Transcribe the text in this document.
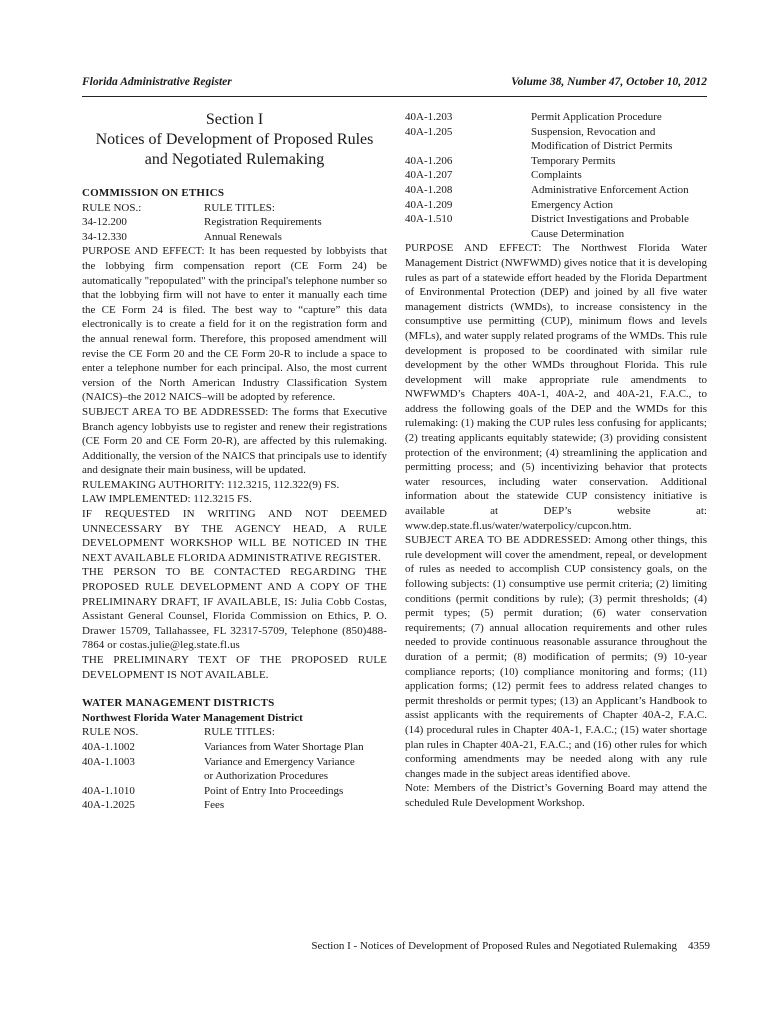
Florida Administrative Register	Volume 38, Number 47, October 10, 2012
Section I
Notices of Development of Proposed Rules
and Negotiated Rulemaking
COMMISSION ON ETHICS
RULE NOS.:	RULE TITLES:
34-12.200	Registration Requirements
34-12.330	Annual Renewals

PURPOSE AND EFFECT: It has been requested by lobbyists that the lobbying firm compensation report (CE Form 24) be automatically "repopulated" with the principal's telephone number so that the lobbying firm will not have to enter it manually each time the CE Form 24 is filed. The best way to “capture” this data electronically is to create a field for it on the registration form and the annual renewal form. Therefore, this proposed amendment will revise the CE Form 20 and the CE Form 20-R to include a space to enter a telephone number for each principal. Also, the most current version of the North American Industry Classification System (NAICS)–the 2012 NAICS–will be adopted by reference.

SUBJECT AREA TO BE ADDRESSED: The forms that Executive Branch agency lobbyists use to register and renew their registrations (CE Form 20 and CE Form 20-R), are affected by this rulemaking. Additionally, the version of the NAICS that principals use to identify and designate their main business, will be updated.

RULEMAKING AUTHORITY: 112.3215, 112.322(9) FS.

LAW IMPLEMENTED: 112.3215 FS.

IF REQUESTED IN WRITING AND NOT DEEMED UNNECESSARY BY THE AGENCY HEAD, A RULE DEVELOPMENT WORKSHOP WILL BE NOTICED IN THE NEXT AVAILABLE FLORIDA ADMINISTRATIVE REGISTER.

THE PERSON TO BE CONTACTED REGARDING THE PROPOSED RULE DEVELOPMENT AND A COPY OF THE PRELIMINARY DRAFT, IF AVAILABLE, IS: Julia Cobb Costas, Assistant General Counsel, Florida Commission on Ethics, P. O. Drawer 15709, Tallahassee, FL 32317-5709, Telephone (850)488-7864 or costas.julie@leg.state.fl.us

THE PRELIMINARY TEXT OF THE PROPOSED RULE DEVELOPMENT IS NOT AVAILABLE.

WATER MANAGEMENT DISTRICTS
Northwest Florida Water Management District
RULE NOS.	RULE TITLES:
40A-1.1002	Variances from Water Shortage Plan
40A-1.1003	Variance and Emergency Variance
or Authorization Procedures
40A-1.1010	Point of Entry Into Proceedings
40A-1.2025	Fees
40A-1.203	Permit Application Procedure
40A-1.205	Suspension, Revocation and
Modification of District Permits
40A-1.206	Temporary Permits
40A-1.207	Complaints
40A-1.208	Administrative Enforcement Action
40A-1.209	Emergency Action
40A-1.510	District Investigations and Probable
Cause Determination

PURPOSE AND EFFECT: The Northwest Florida Water Management District (NWFWMD) gives notice that it is developing rules as part of a statewide effort headed by the Florida Department of Environmental Protection (DEP) and joined by all five water management districts (WMDs), to increase consistency in the consumptive use permitting (CUP), minimum flows and levels (MFLs), and water supply related programs of the WMDs. This rule development is proposed to be coordinated with similar rule development by the other WMDs throughout Florida. This rule development will make appropriate rule amendments to NWFWMD’s Chapters 40A-1, 40A-2, and 40A-21, F.A.C., to address the following goals of the DEP and the WMDs for this rulemaking: (1) making the CUP rules less confusing for applicants; (2) treating applicants equitably statewide; (3) providing consistent protection of the environment; (4) streamlining the application and permitting process; and (5) incentivizing behavior that protects water resources, including water conservation. Additional information about the statewide CUP consistency initiative is available at DEP’s website at: www.dep.state.fl.us/water/waterpolicy/cupcon.htm.

SUBJECT AREA TO BE ADDRESSED: Among other things, this rule development will cover the amendment, repeal, or development of rules as needed to accomplish CUP consistency goals, on the following subjects: (1) consumptive use permit criteria; (2) limiting conditions (permit conditions by rule); (3) permit thresholds; (4) permit types; (5) permit duration; (6) water conservation requirements; (7) annual allocation requirements and other rules needed to provide continuous reasonable assurance throughout the duration of a permit; (8) modification of permits; (9) 10-year compliance reports; (10) compliance monitoring and forms; (11) application forms; (12) permit fees to address related changes to permit thresholds or permit types; (13) an Applicant’s Handbook to assist applicants with the requirements of Chapter 40A-2, F.A.C. (14) procedural rules in Chapter 40A-1, F.A.C.; (15) water shortage plan rules in Chapter 40A-21, F.A.C.; and (16) other rules for which conforming amendments may be needed along with any rule changes made in the subject areas identified above.

Note: Members of the District’s Governing Board may attend the scheduled Rule Development Workshop.

Section I - Notices of Development of Proposed Rules and Negotiated Rulemaking 4359
